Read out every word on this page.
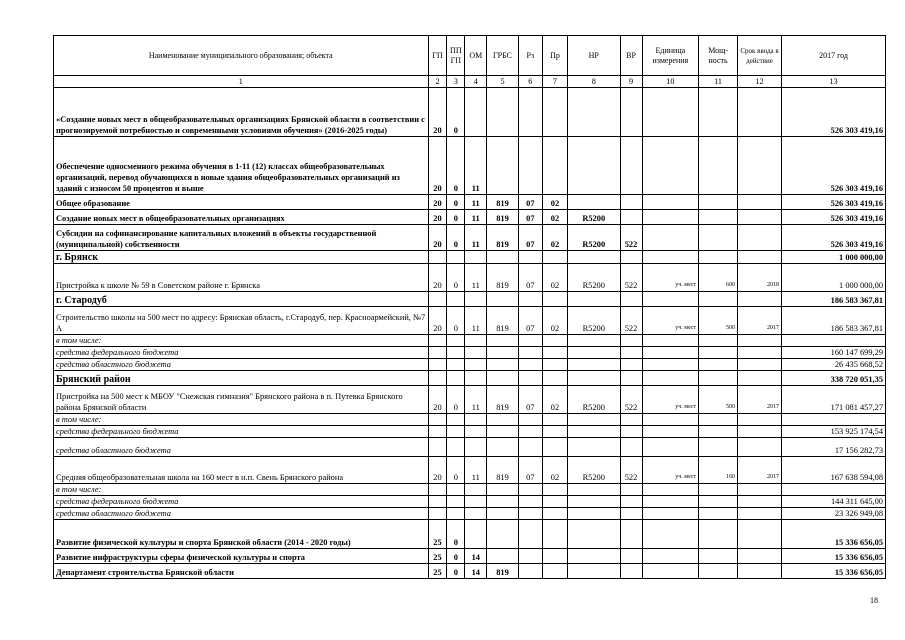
Наименование муниципального образования; объекта	ГП	ППГП	ОМ	ГРБС	Рз	Пр	НР	ВР	Единица измерения	Мощ-ность	Срок ввода в действие	2017 год
1	2	3	4	5	6	7	8	9	10	11	12	13
«Создание новых мест в общеобразовательных организациях Брянской области в соответствии с прогнозируемой потребностью и современными условиями обучения» (2016-2025 годы)	20	0										526 303 419,16
Обеспечение односменного режима обучения в 1-11 (12) классах общеобразовательных организаций, перевод обучающихся в новые здания общеобразовательных организаций из зданий с износом 50 процентов и выше	20	0	11									526 303 419,16
Общее образование	20	0	11	819	07	02						526 303 419,16
Создание новых мест в общеобразовательных организациях	20	0	11	819	07	02	R5200					526 303 419,16
Субсидии на софинансирование капитальных вложений в объекты государственной (муниципальной) собственности	20	0	11	819	07	02	R5200	522				526 303 419,16
г. Брянск												1 000 000,00
Пристройка к школе № 59 в Советском районе г. Брянска	20	0	11	819	07	02	R5200	522	уч. мест	600	2018	1 000 000,00
г. Стародуб												186 583 367,81
Строительство школы на 500 мест по адресу: Брянская область, г.Стародуб, пер. Красноармейский, №7 А	20	0	11	819	07	02	R5200	522	уч. мест	500	2017	186 583 367,81
в том числе:												
средства федерального бюджета												160 147 699,29
средства областного бюджета												26 435 668,52
Брянский район												338 720 051,35
Пристройка на 500 мест к МБОУ "Снежская гимназия" Брянского района в п. Путевка Брянского района Брянской области	20	0	11	819	07	02	R5200	522	уч. мест	500	2017	171 081 457,27
в том числе:												
средства федерального бюджета												153 925 174,54
средства областного бюджета												17 156 282,73
Средняя общеобразовательная школа на 160 мест в н.п. Свень Брянского района	20	0	11	819	07	02	R5200	522	уч. мест	160	2017	167 638 594,08
в том числе:												
средства федерального бюджета												144 311 645,00
средства областного бюджета												23 326 949,08
Развитие физической культуры и спорта Брянской области (2014 - 2020 годы)	25	0										15 336 656,05
Развитие инфраструктуры сферы физической культуры и спорта	25	0	14									15 336 656,05
Департамент строительства Брянской области	25	0	14	819								15 336 656,05
18
